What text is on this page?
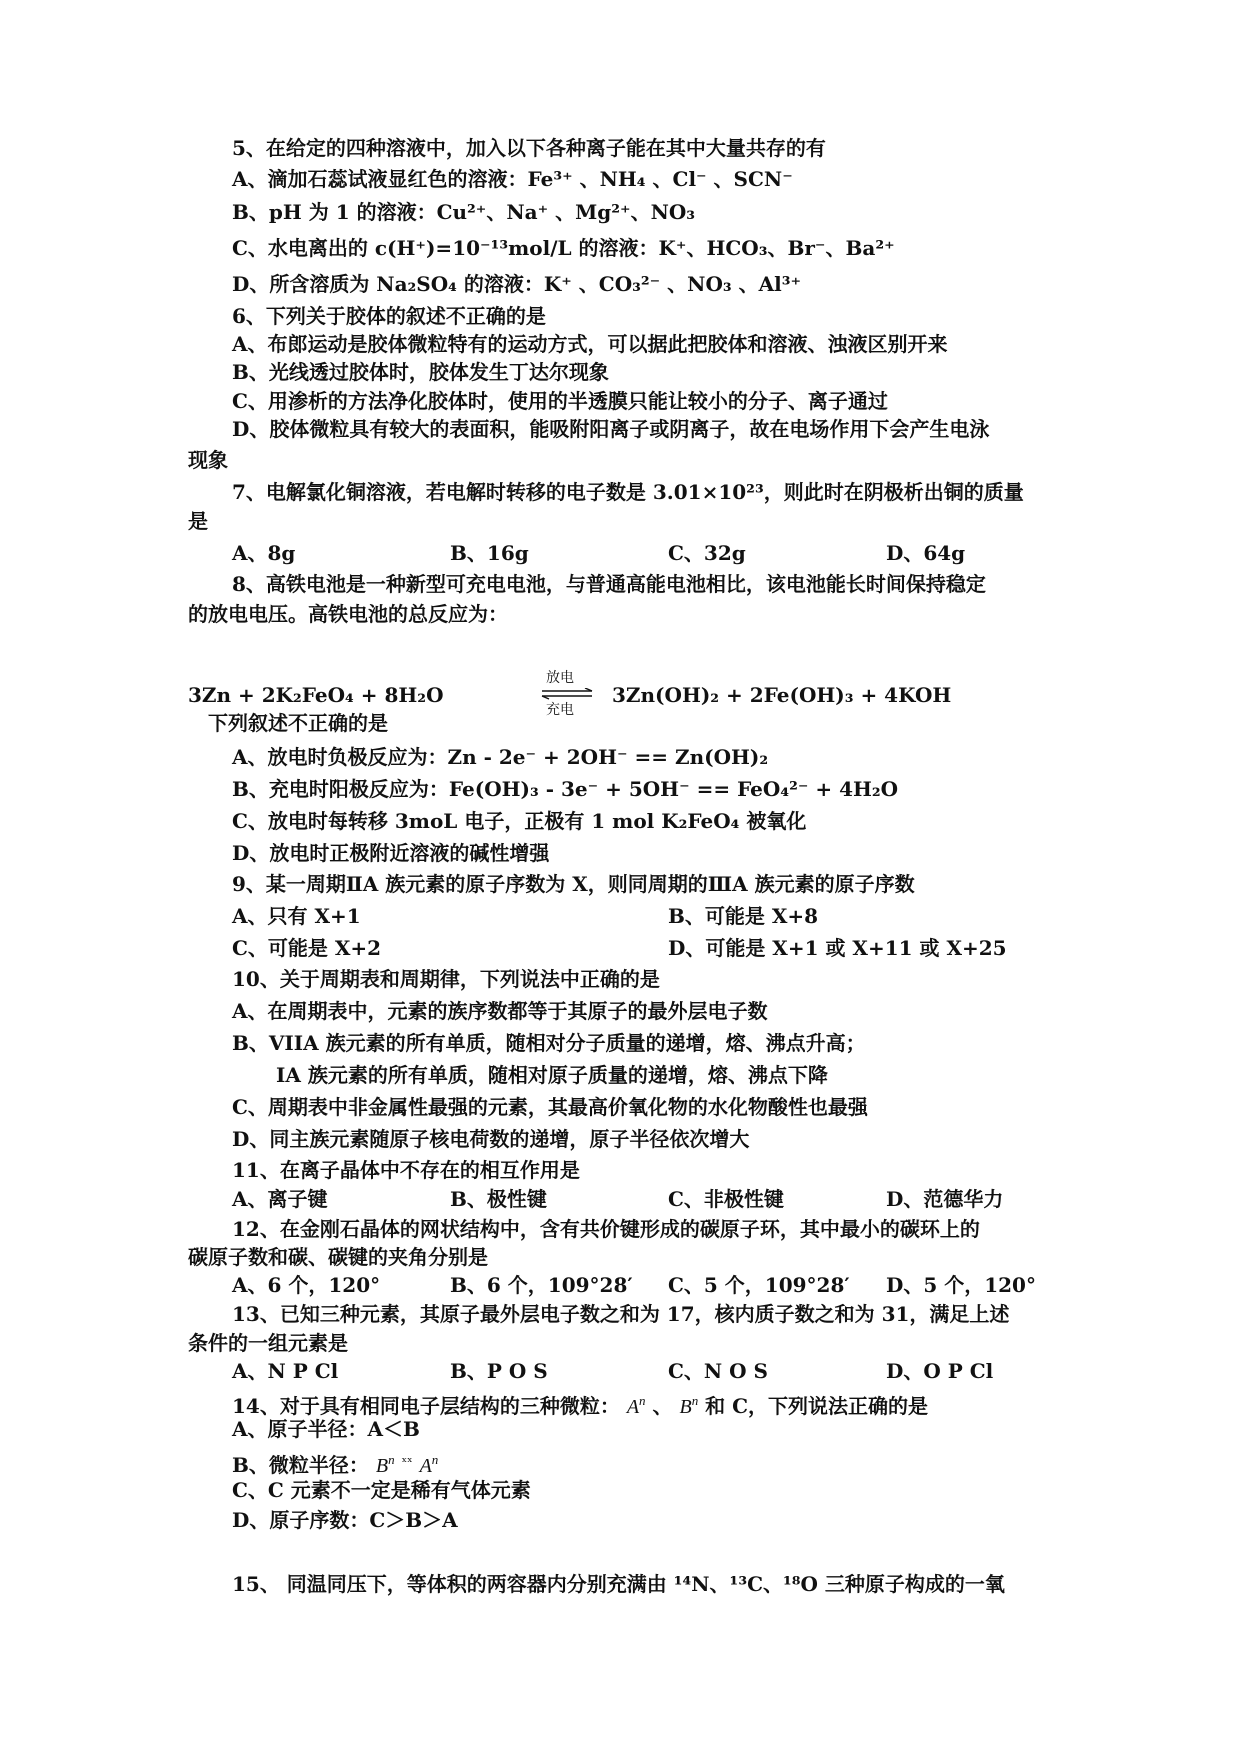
5、在给定的四种溶液中，加入以下各种离子能在其中大量共存的有
A、滴加石蕊试液显红色的溶液：Fe³⁺ 、NH₄ 、Cl⁻ 、SCN⁻
B、pH 为 1 的溶液：Cu²⁺、Na⁺ 、Mg²⁺、NO₃
C、水电离出的 c(H⁺)=10⁻¹³mol/L 的溶液：K⁺、HCO₃、Br⁻、Ba²⁺
D、所含溶质为 Na₂SO₄ 的溶液：K⁺ 、CO₃²⁻ 、NO₃ 、Al³⁺
6、下列关于胶体的叙述不正确的是
A、布郎运动是胶体微粒特有的运动方式，可以据此把胶体和溶液、浊液区别开来
B、光线透过胶体时，胶体发生丁达尔现象
C、用渗析的方法净化胶体时，使用的半透膜只能让较小的分子、离子通过
D、胶体微粒具有较大的表面积，能吸附阳离子或阴离子，故在电场作用下会产生电泳
现象
7、电解氯化铜溶液，若电解时转移的电子数是 3.01×10²³，则此时在阴极析出铜的质量
是
A、8g	B、16g	C、32g	D、64g
8、高铁电池是一种新型可充电电池，与普通高能电池相比，该电池能长时间保持稳定
的放电电压。高铁电池的总反应为：
3Zn + 2K₂FeO₄ + 8H₂O
放电
充电
3Zn(OH)₂ + 2Fe(OH)₃ + 4KOH
下列叙述不正确的是
A、放电时负极反应为：Zn - 2e⁻ + 2OH⁻ == Zn(OH)₂
B、充电时阳极反应为：Fe(OH)₃ - 3e⁻ + 5OH⁻ == FeO₄²⁻ + 4H₂O
C、放电时每转移 3moL 电子，正极有 1 mol K₂FeO₄ 被氧化
D、放电时正极附近溶液的碱性增强
9、某一周期ⅡA 族元素的原子序数为 X，则同周期的ⅢA 族元素的原子序数
A、只有 X+1	B、可能是 X+8
C、可能是 X+2	D、可能是 X+1 或 X+11 或 X+25
10、关于周期表和周期律，下列说法中正确的是
A、在周期表中，元素的族序数都等于其原子的最外层电子数
B、VIIA 族元素的所有单质，随相对分子质量的递增，熔、沸点升高；
IA 族元素的所有单质，随相对原子质量的递增，熔、沸点下降
C、周期表中非金属性最强的元素，其最高价氧化物的水化物酸性也最强
D、同主族元素随原子核电荷数的递增，原子半径依次增大
11、在离子晶体中不存在的相互作用是
A、离子键	B、极性键	C、非极性键	D、范德华力
12、在金刚石晶体的网状结构中，含有共价键形成的碳原子环，其中最小的碳环上的
碳原子数和碳、碳键的夹角分别是
A、6 个，120°	B、6 个，109°28′ C、5 个，109°28′ D、5 个，120°
13、已知三种元素，其原子最外层电子数之和为 17，核内质子数之和为 31，满足上述
条件的一组元素是
A、N P Cl	B、P O S	C、N O S	D、O P Cl
14、对于具有相同电子层结构的三种微粒： $A^n$ 、 $B^n$ 和 C，下列说法正确的是
A、原子半径：A＜B
B、微粒半径： $B^n$ $^{ˣˣ}$ $A^n$
C、C 元素不一定是稀有气体元素
D、原子序数：C＞B＞A
15、 同温同压下，等体积的两容器内分别充满由 ¹⁴N、¹³C、¹⁸O 三种原子构成的一氧
